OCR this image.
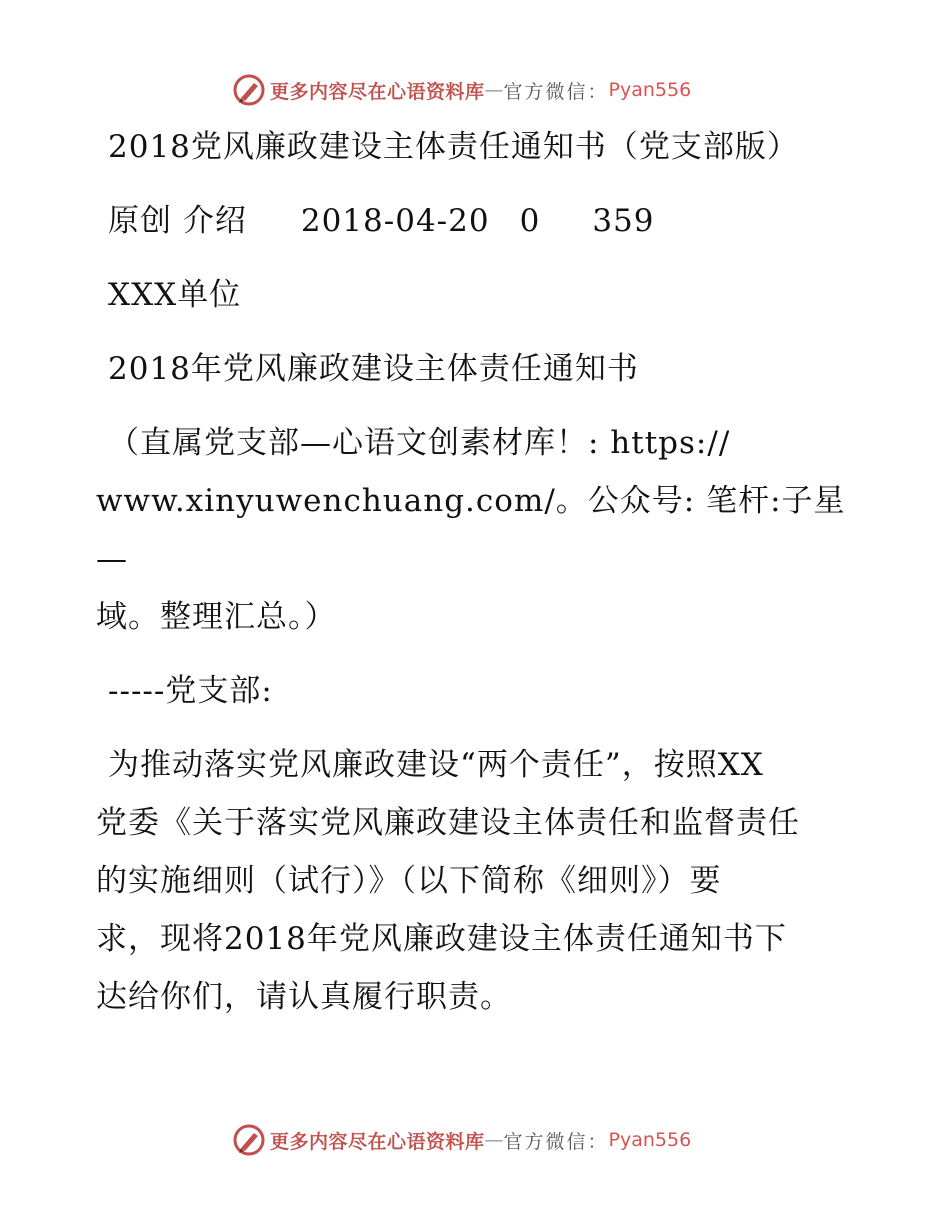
更多内容尽在心语资料库 — 官方微信： Pyan556
2018党风廉政建设主体责任通知书（党支部版）
原创 介绍 2018-04-20 0 359
XXX单位
2018年党风廉政建设主体责任通知书
（直属党支部—心语文创素材库！: https://
www.xinyuwenchuang.com/。公众号: 笔杆:子星—
域。整理汇总。）
-----党支部:
为推动落实党风廉政建设“两个责任”，按照XX
党委《关于落实党风廉政建设主体责任和监督责任
的实施细则（试行）》（以下简称《细则》）要
求，现将2018年党风廉政建设主体责任通知书下
达给你们，请认真履行职责。
更多内容尽在心语资料库 — 官方微信： Pyan556
